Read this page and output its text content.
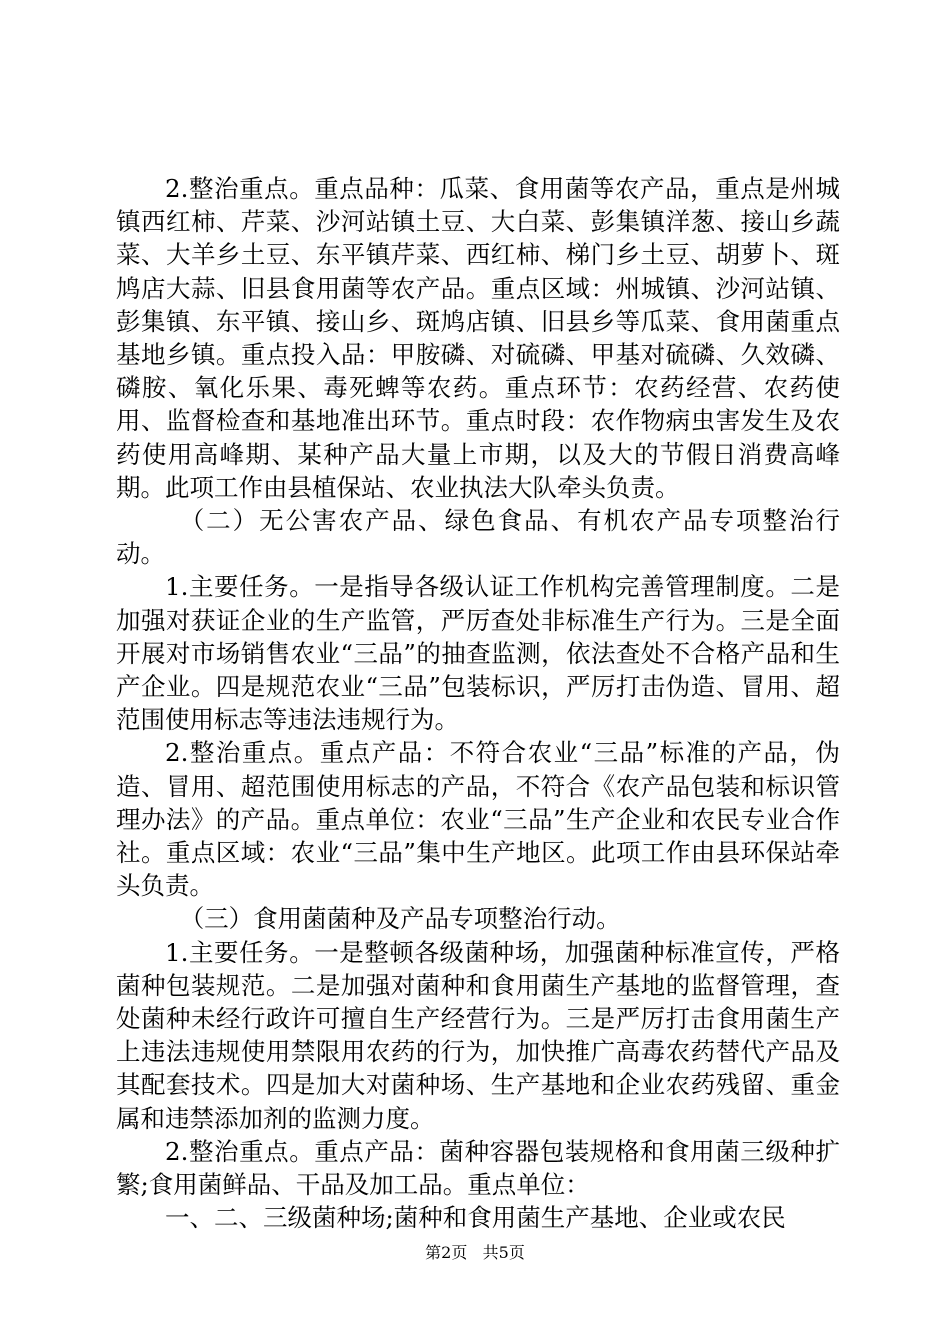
2.整治重点。重点品种：瓜菜、食用菌等农产品，重点是州城镇西红柿、芹菜、沙河站镇土豆、大白菜、彭集镇洋葱、接山乡蔬菜、大羊乡土豆、东平镇芹菜、西红柿、梯门乡土豆、胡萝卜、斑鸠店大蒜、旧县食用菌等农产品。重点区域：州城镇、沙河站镇、彭集镇、东平镇、接山乡、斑鸠店镇、旧县乡等瓜菜、食用菌重点基地乡镇。重点投入品：甲胺磷、对硫磷、甲基对硫磷、久效磷、磷胺、氧化乐果、毒死蜱等农药。重点环节：农药经营、农药使用、监督检查和基地准出环节。重点时段：农作物病虫害发生及农药使用高峰期、某种产品大量上市期，以及大的节假日消费高峰期。此项工作由县植保站、农业执法大队牵头负责。

（二）无公害农产品、绿色食品、有机农产品专项整治行动。

1.主要任务。一是指导各级认证工作机构完善管理制度。二是加强对获证企业的生产监管，严厉查处非标准生产行为。三是全面开展对市场销售农业“三品”的抽查监测，依法查处不合格产品和生产企业。四是规范农业“三品”包装标识，严厉打击伪造、冒用、超范围使用标志等违法违规行为。

2.整治重点。重点产品：不符合农业“三品”标准的产品，伪造、冒用、超范围使用标志的产品，不符合《农产品包装和标识管理办法》的产品。重点单位：农业“三品”生产企业和农民专业合作社。重点区域：农业“三品”集中生产地区。此项工作由县环保站牵头负责。

（三）食用菌菌种及产品专项整治行动。

1.主要任务。一是整顿各级菌种场，加强菌种标准宣传，严格菌种包装规范。二是加强对菌种和食用菌生产基地的监督管理，查处菌种未经行政许可擅自生产经营行为。三是严厉打击食用菌生产上违法违规使用禁限用农药的行为，加快推广高毒农药替代产品及其配套技术。四是加大对菌种场、生产基地和企业农药残留、重金属和违禁添加剂的监测力度。

2.整治重点。重点产品：菌种容器包装规格和食用菌三级种扩繁;食用菌鲜品、干品及加工品。重点单位：

一、二、三级菌种场;菌种和食用菌生产基地、企业或农民

第2页 共5页
